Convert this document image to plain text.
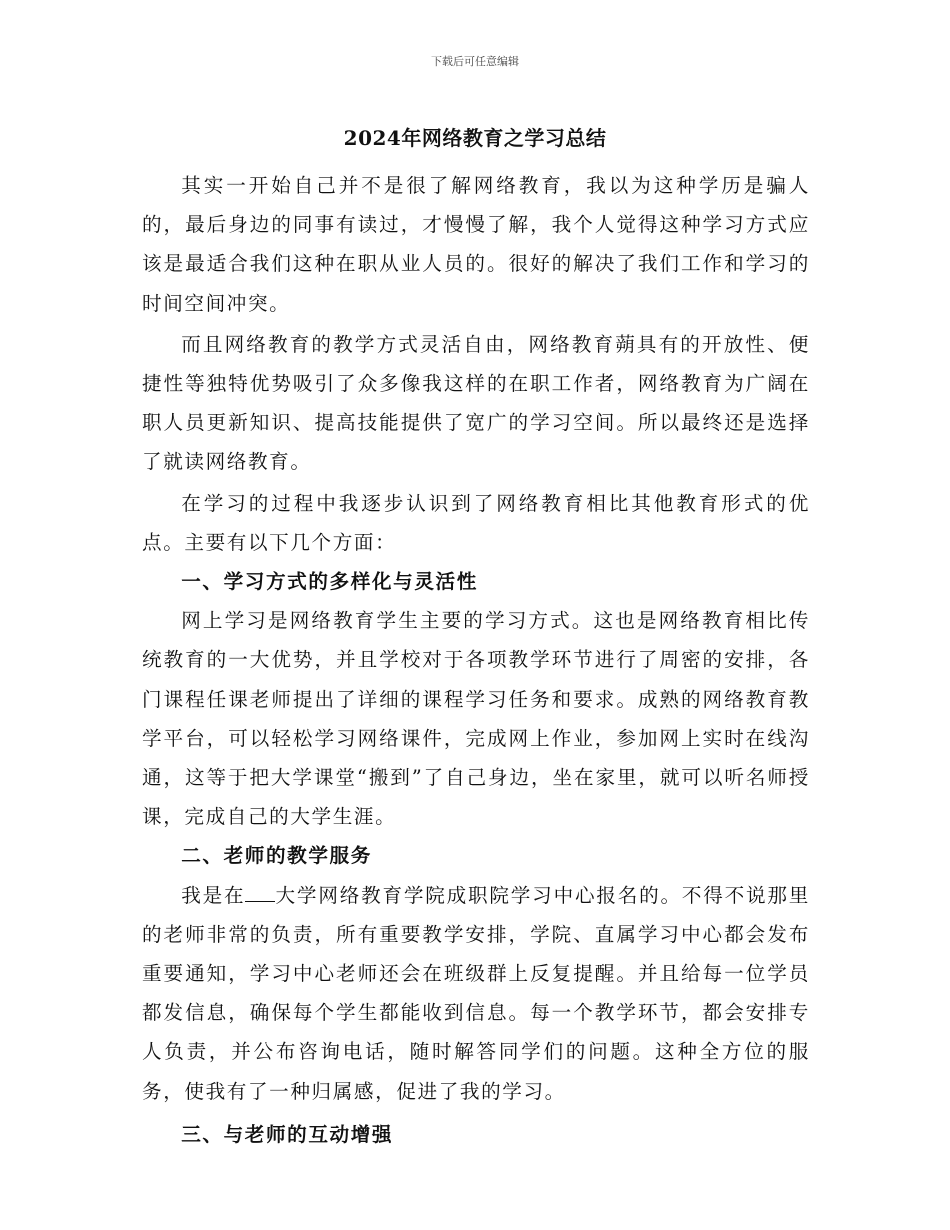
下载后可任意编辑
2024年网络教育之学习总结

其实一开始自己并不是很了解网络教育，我以为这种学历是骗人的，最后身边的同事有读过，才慢慢了解，我个人觉得这种学习方式应该是最适合我们这种在职从业人员的。很好的解决了我们工作和学习的时间空间冲突。

而且网络教育的教学方式灵活自由，网络教育蒴具有的开放性、便捷性等独特优势吸引了众多像我这样的在职工作者，网络教育为广阔在职人员更新知识、提高技能提供了宽广的学习空间。所以最终还是选择了就读网络教育。

在学习的过程中我逐步认识到了网络教育相比其他教育形式的优点。主要有以下几个方面：

一、学习方式的多样化与灵活性

网上学习是网络教育学生主要的学习方式。这也是网络教育相比传统教育的一大优势，并且学校对于各项教学环节进行了周密的安排，各门课程任课老师提出了详细的课程学习任务和要求。成熟的网络教育教学平台，可以轻松学习网络课件，完成网上作业，参加网上实时在线沟通，这等于把大学课堂“搬到”了自己身边，坐在家里，就可以听名师授课，完成自己的大学生涯。

二、老师的教学服务

我是在 大学网络教育学院成职院学习中心报名的。不得不说那里的老师非常的负责，所有重要教学安排，学院、直属学习中心都会发布重要通知，学习中心老师还会在班级群上反复提醒。并且给每一位学员都发信息，确保每个学生都能收到信息。每一个教学环节，都会安排专人负责，并公布咨询电话，随时解答同学们的问题。这种全方位的服务，使我有了一种归属感，促进了我的学习。

三、与老师的互动增强
